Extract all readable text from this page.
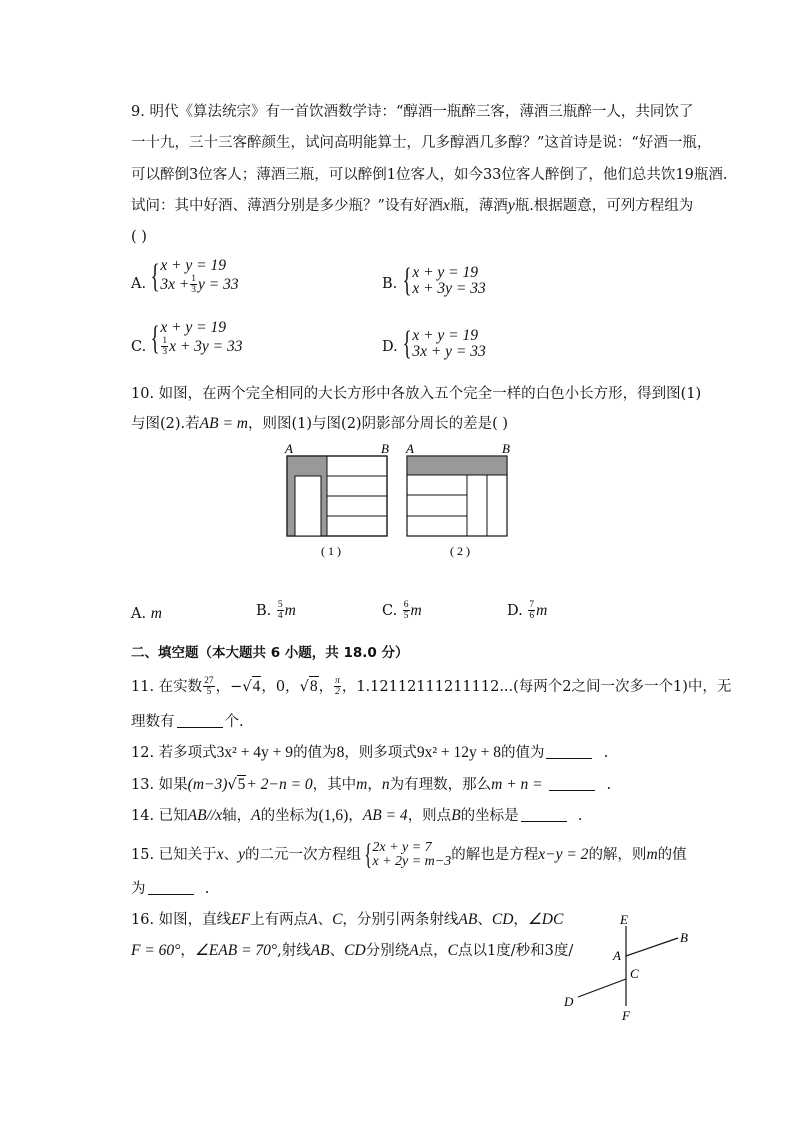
9. 明代《算法统宗》有一首饮酒数学诗：“醇酒一瓶醉三客，薄酒三瓶醉一人，共同饮了
一十九，三十三客醉颜生，试问高明能算士，几多醇酒几多醇？”这首诗是说：“好酒一瓶，
可以醉倒3位客人；薄酒三瓶，可以醉倒1位客人，如今33位客人醉倒了，他们总共饮19瓶酒.
试问：其中好酒、薄酒分别是多少瓶？”设有好酒x瓶，薄酒y瓶.根据题意，可列方程组为
( )
A. { x + y = 19
$3x + \frac{1}{3}$ y = 33	B. { x + y = 19
x + 3y = 33
C. { x + y = 19
$\frac{1}{3}$ x + 3y = 33	D. { x + y = 19
3x + y = 33
10. 如图，在两个完全相同的大长方形中各放入五个完全一样的白色小长方形，得到图(1)
与图(2).若AB = m，则图(1)与图(2)阴影部分周长的差是( )
A	B
( 1 )
A	B
( 2 )
A. m	B.
$\frac{5}{4}$ m	C.
$\frac{6}{5}$ m	D.
$\frac{7}{6}$ m
二、填空题（本大题共 6 小题，共 18.0 分）
11. 在实数 $\frac{27}{5}$ ，− √ 4 ，0， √ 8 ， $\frac{\pi}{2}$ ，1.12112111211112...(每两个2之间一次多一个1)中，无
理数有	个.
12. 若多项式3x² + 4y + 9的值为8，则多项式9x² + 12y + 8的值为	.
13. 如果(m−3)√5+ 2−n = 0，其中m，n为有理数，那么m + n =	.
14. 已知AB//x轴，A的坐标为(1,6)，AB = 4，则点B的坐标是	.
15. 已知关于 x 、 y 的二元一次方程组 { 2x + y = 7
x + 2y = m−3 的解也是方程 x−y = 2 的解，则 m 的值
为	.
16. 如图，直线EF上有两点A、C，分别引两条射线AB、CD，∠DC
F = 60°，∠EAB = 70°,射线AB、CD分别绕A点，C点以1度/秒和3度/
E
B
A
C
D
F
